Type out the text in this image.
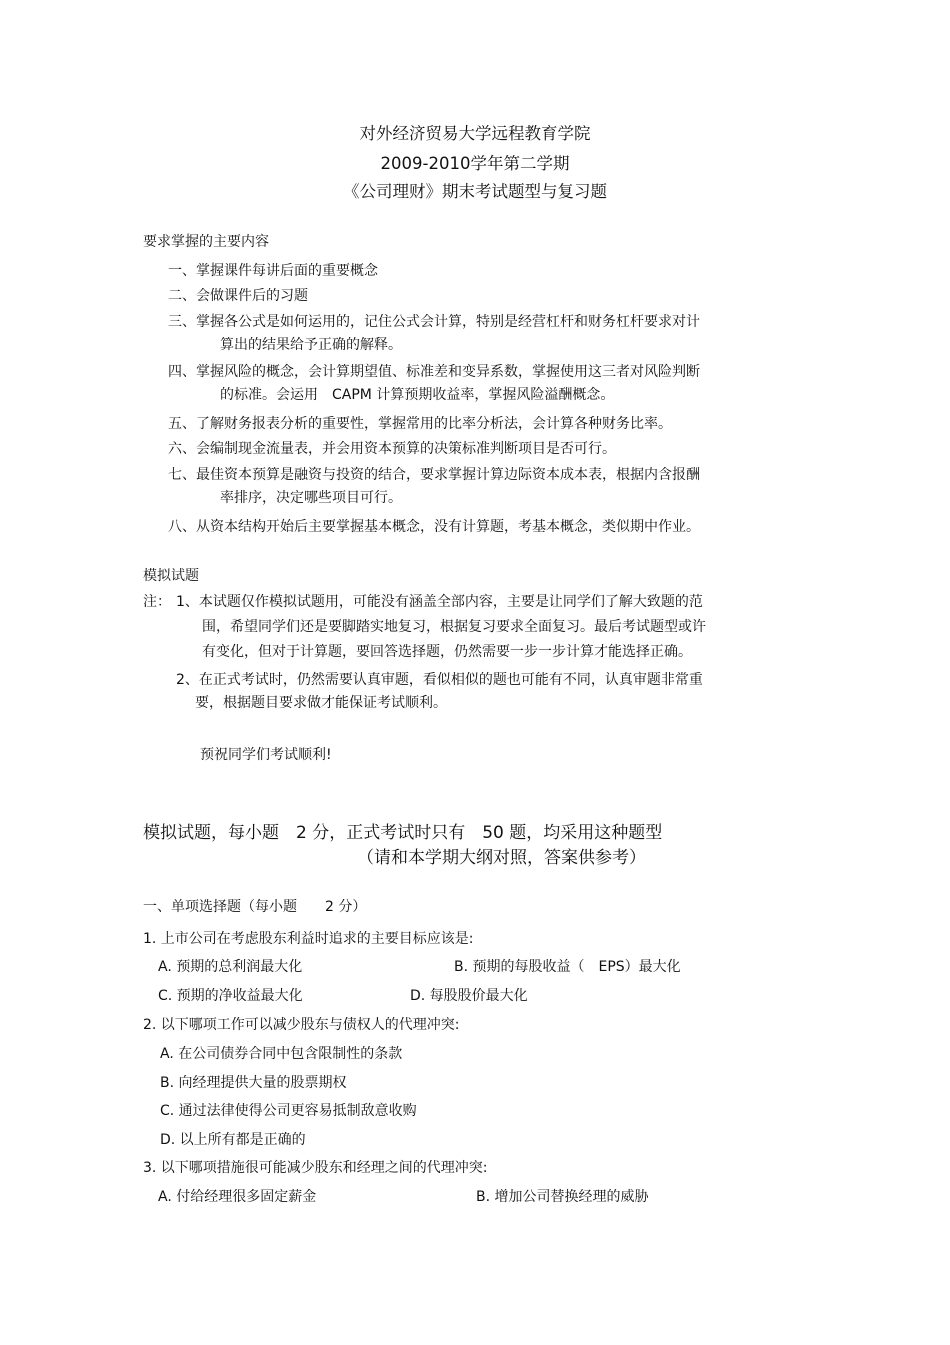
对外经济贸易大学远程教育学院
2009-2010学年第二学期
《公司理财》期末考试题型与复习题
要求掌握的主要内容
一、掌握课件每讲后面的重要概念
二、会做课件后的习题
三、掌握各公式是如何运用的，记住公式会计算，特别是经营杠杆和财务杠杆要求对计
算出的结果给予正确的解释。
四、掌握风险的概念，会计算期望值、标准差和变异系数，掌握使用这三者对风险判断
的标准。会运用　CAPM 计算预期收益率，掌握风险溢酬概念。
五、了解财务报表分析的重要性，掌握常用的比率分析法，会计算各种财务比率。
六、会编制现金流量表，并会用资本预算的决策标准判断项目是否可行。
七、最佳资本预算是融资与投资的结合，要求掌握计算边际资本成本表，根据内含报酬
率排序，决定哪些项目可行。
八、从资本结构开始后主要掌握基本概念，没有计算题，考基本概念，类似期中作业。
模拟试题
注： 1、本试题仅作模拟试题用，可能没有涵盖全部内容，主要是让同学们了解大致题的范
围，希望同学们还是要脚踏实地复习，根据复习要求全面复习。最后考试题型或许
有变化，但对于计算题，要回答选择题，仍然需要一步一步计算才能选择正确。
2、在正式考试时，仍然需要认真审题，看似相似的题也可能有不同，认真审题非常重
要，根据题目要求做才能保证考试顺利。
预祝同学们考试顺利!
模拟试题，每小题　2 分，正式考试时只有　50 题，均采用这种题型
（请和本学期大纲对照，答案供参考）
一、单项选择题（每小题　　2 分）
1. 上市公司在考虑股东利益时追求的主要目标应该是:
A. 预期的总利润最大化	B. 预期的每股收益（　EPS）最大化
C. 预期的净收益最大化	D. 每股股价最大化
2. 以下哪项工作可以减少股东与债权人的代理冲突:
A. 在公司债券合同中包含限制性的条款
B. 向经理提供大量的股票期权
C. 通过法律使得公司更容易抵制敌意收购
D. 以上所有都是正确的
3. 以下哪项措施很可能减少股东和经理之间的代理冲突:
A. 付给经理很多固定薪金	B. 增加公司替换经理的威胁
